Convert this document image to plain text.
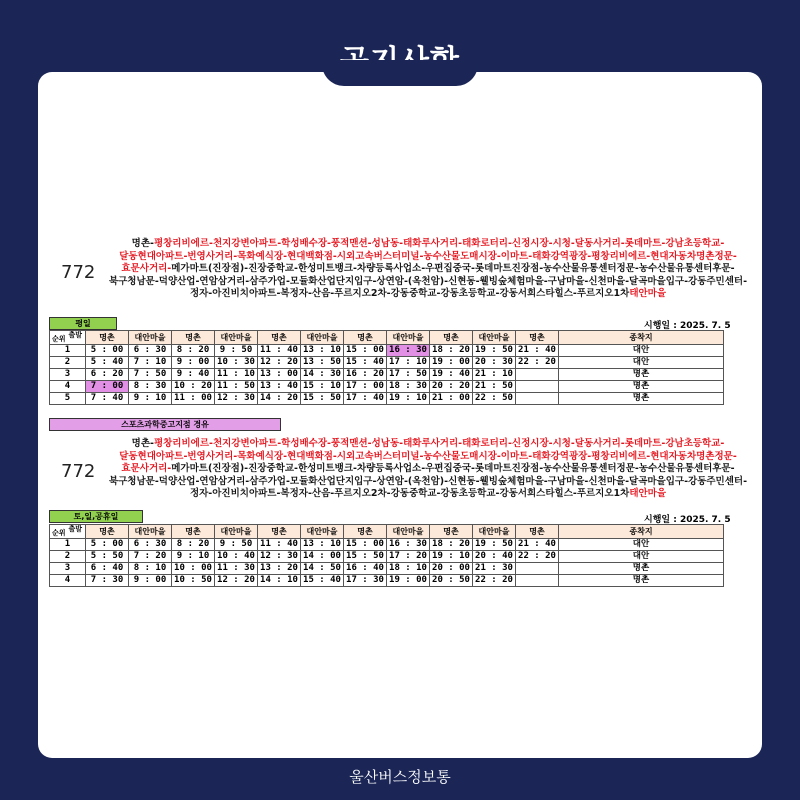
772
명촌-평창리비에르-천지강변아파트-학성배수장-풍적맨션-성남동-태화루사거리-태화로터리-신정시장-시청-달동사거리-롯데마트-강남초등학교-달동현대아파트-번영사거리-목화예식장-현대백화점-시외고속버스터미널-농수산물도매시장-이마트-태화강역광장-평창리비에르-현대자동차명촌정문-효문사거리-메가마트(진장점)-진장중학교-한성미트뱅크-차량등록사업소-우편집중국-롯데마트진장점-농수산물유통센터정문-농수산물유통센터후문-북구청남문-덕양산업-연암삼거리-삼주가업-모듈화산업단지입구-상연암-(옥천암)-신현동-웰빙숲체험마을-구남마을-신천마을-달곡마을입구-강동주민센터-정자-아진비치아파트-복정자-산음-푸르지오2차-강동중학교-강동초등학교-강동서희스타힐스-푸르지오1차태안마을
평일	시행일 : 2025. 7. 5
출발
순위	명촌	대안마을	명촌	대안마을	명촌	대안마을	명촌	대안마을	명촌	대안마을	명촌	종착지
1	5 : 00	6 : 30	8 : 20	9 : 50	11 : 40	13 : 10	15 : 00	16 : 30	18 : 20	19 : 50	21 : 40	대안
2	5 : 40	7 : 10	9 : 00	10 : 30	12 : 20	13 : 50	15 : 40	17 : 10	19 : 00	20 : 30	22 : 20	대안
3	6 : 20	7 : 50	9 : 40	11 : 10	13 : 00	14 : 30	16 : 20	17 : 50	19 : 40	21 : 10		명촌
4	7 : 00	8 : 30	10 : 20	11 : 50	13 : 40	15 : 10	17 : 00	18 : 30	20 : 20	21 : 50		명촌
5	7 : 40	9 : 10	11 : 00	12 : 30	14 : 20	15 : 50	17 : 40	19 : 10	21 : 00	22 : 50		명촌
스포츠과학중고지점 경유
772
명촌-평창리비에르-천지강변아파트-학성배수장-풍적맨션-성남동-태화루사거리-태화로터리-신정시장-시청-달동사거리-롯데마트-강남초등학교-달동현대아파트-번영사거리-목화예식장-현대백화점-시외고속버스터미널-농수산물도매시장-이마트-태화강역광장-평창리비에르-현대자동차명촌정문-효문사거리-메가마트(진장점)-진장중학교-한성미트뱅크-차량등록사업소-우편집중국-롯데마트진장점-농수산물유통센터정문-농수산물유통센터후문-북구청남문-덕양산업-연암삼거리-삼주가업-모듈화산업단지입구-상연암-(옥천암)-신현동-웰빙숲체험마을-구남마을-신천마을-달곡마을입구-강동주민센터-정자-아진비치아파트-복정자-산음-푸르지오2차-강동중학교-강동초등학교-강동서희스타힐스-푸르지오1차태안마을
토,일,공휴일	시행일 : 2025. 7. 5
출발
순위	명촌	대안마을	명촌	대안마을	명촌	대안마을	명촌	대안마을	명촌	대안마을	명촌	종착지
1	5 : 00	6 : 30	8 : 20	9 : 50	11 : 40	13 : 10	15 : 00	16 : 30	18 : 20	19 : 50	21 : 40	대안
2	5 : 50	7 : 20	9 : 10	10 : 40	12 : 30	14 : 00	15 : 50	17 : 20	19 : 10	20 : 40	22 : 20	대안
3	6 : 40	8 : 10	10 : 00	11 : 30	13 : 20	14 : 50	16 : 40	18 : 10	20 : 00	21 : 30		명촌
4	7 : 30	9 : 00	10 : 50	12 : 20	14 : 10	15 : 40	17 : 30	19 : 00	20 : 50	22 : 20		명촌
울산버스정보통
